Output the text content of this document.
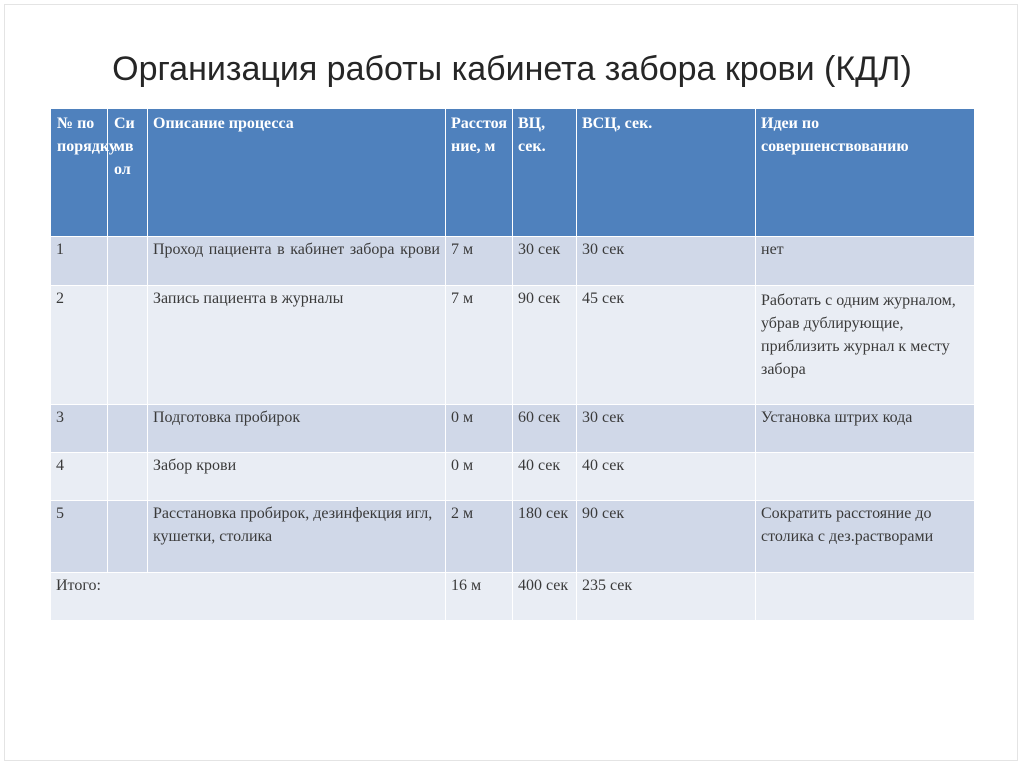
Организация работы кабинета забора крови (КДЛ)
№ по порядку	Символ	Описание процесса	Расстояние, м	ВЦ, сек.	ВСЦ, сек.	Идеи по совершенствованию
1		Проход пациента в кабинет забора крови	7 м	30 сек	30 сек	нет
2		Запись пациента в журналы	7 м	90 сек	45 сек	Работать с одним журналом, убрав дублирующие, приблизить журнал к месту забора
3		Подготовка пробирок	0 м	60 сек	30 сек	Установка штрих кода
4		Забор крови	0 м	40 сек	40 сек	
5		Расстановка пробирок, дезинфекция игл, кушетки, столика	2 м	180 сек	90 сек	Сократить расстояние до столика с дез.растворами
Итого:			16 м	400 сек	235 сек	
